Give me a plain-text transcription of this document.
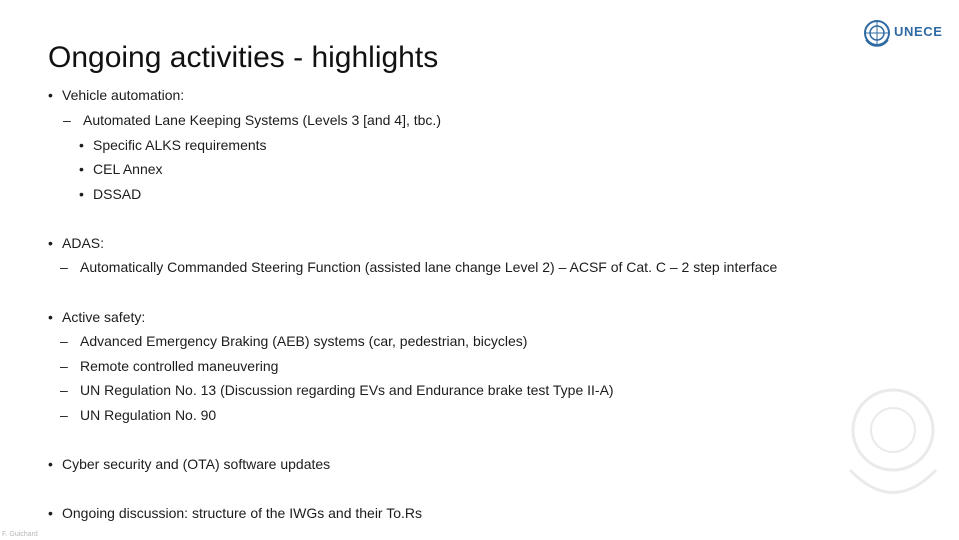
Ongoing activities - highlights
UNECE
• Vehicle automation:
– Automated Lane Keeping Systems (Levels 3 [and 4], tbc.)
• Specific ALKS requirements
• CEL Annex
• DSSAD
• ADAS:
– Automatically Commanded Steering Function (assisted lane change Level 2) – ACSF of Cat. C – 2 step interface
• Active safety:
– Advanced Emergency Braking (AEB) systems (car, pedestrian, bicycles)
– Remote controlled maneuvering
– UN Regulation No. 13 (Discussion regarding EVs and Endurance brake test Type II-A)
– UN Regulation No. 90
• Cyber security and (OTA) software updates
• Ongoing discussion: structure of the IWGs and their To.Rs
F. Guichard
